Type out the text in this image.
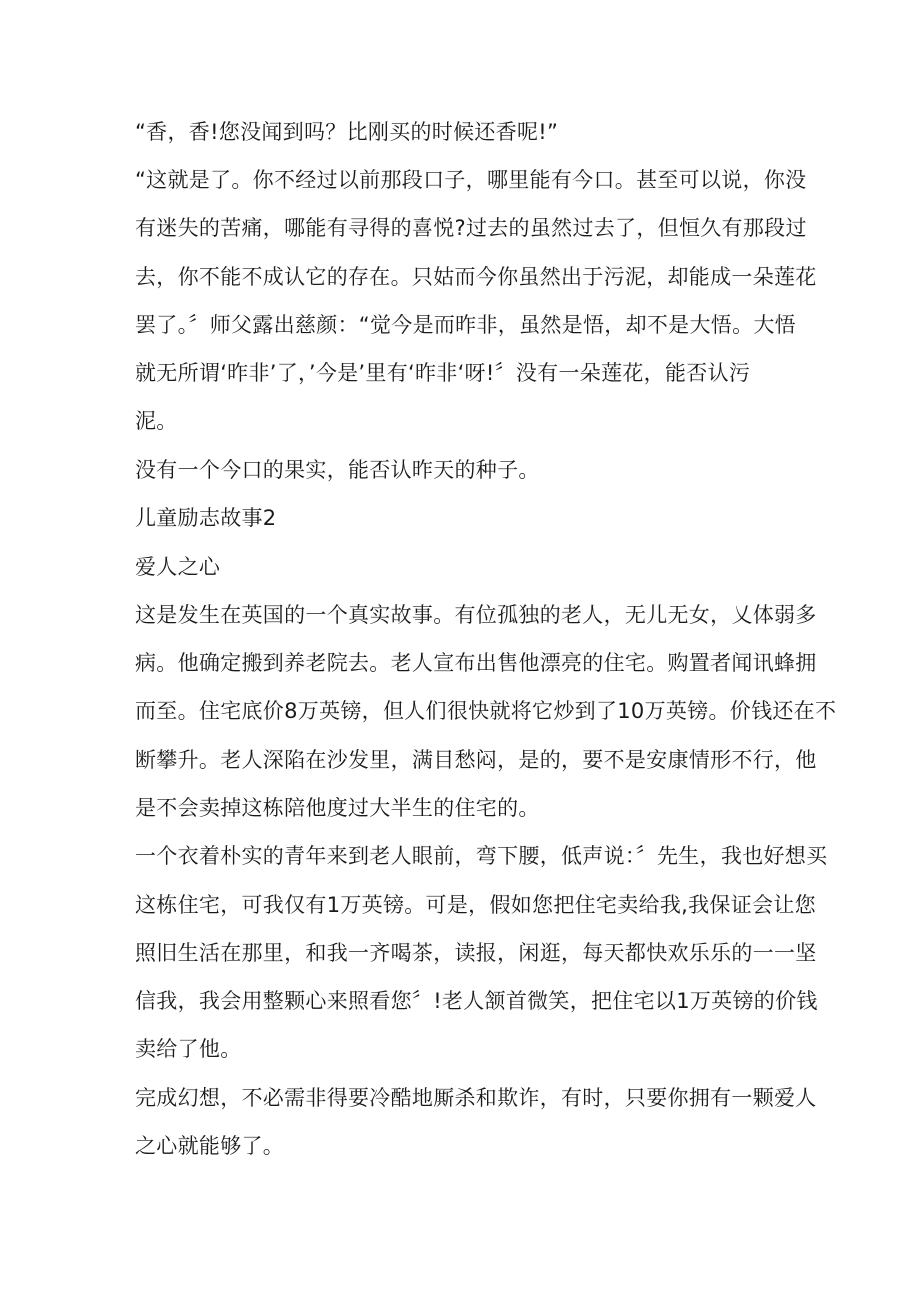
“香，香!您没闻到吗？比刚买的时候还香呢!”
“这就是了。你不经过以前那段口子，哪里能有今口。甚至可以说，你没
有迷失的苦痛，哪能有寻得的喜悦?过去的虽然过去了，但恒久有那段过
去，你不能不成认它的存在。只姑而今你虽然出于污泥，却能成一朵莲花
罢了。〞师父露出慈颜：“觉今是而昨非，虽然是悟，却不是大悟。大悟
就无所谓‘昨非’了，’今是’里有‘昨非‘呀!〞没有一朵莲花，能否认污
泥。
没有一个今口的果实，能否认昨天的种子。
儿童励志故事2
爱人之心
这是发生在英国的一个真实故事。有位孤独的老人，无儿无女，乂体弱多
病。他确定搬到养老院去。老人宣布出售他漂亮的住宅。购置者闻讯蜂拥
而至。住宅底价8万英镑，但人们很快就将它炒到了10万英镑。价钱还在不
断攀升。老人深陷在沙发里，满目愁闷，是的，要不是安康情形不行，他
是不会卖掉这栋陪他度过大半生的住宅的。
一个衣着朴实的青年来到老人眼前，弯下腰，低声说：〞先生，我也好想买
这栋住宅，可我仅有1万英镑。可是，假如您把住宅卖给我,我保证会让您
照旧生活在那里，和我一齐喝茶，读报，闲逛，每天都快欢乐乐的一一坚
信我，我会用整颗心来照看您〞!老人颔首微笑，把住宅以1万英镑的价钱
卖给了他。
完成幻想，不必需非得要冷酷地厮杀和欺诈，有时，只要你拥有一颗爱人
之心就能够了。
